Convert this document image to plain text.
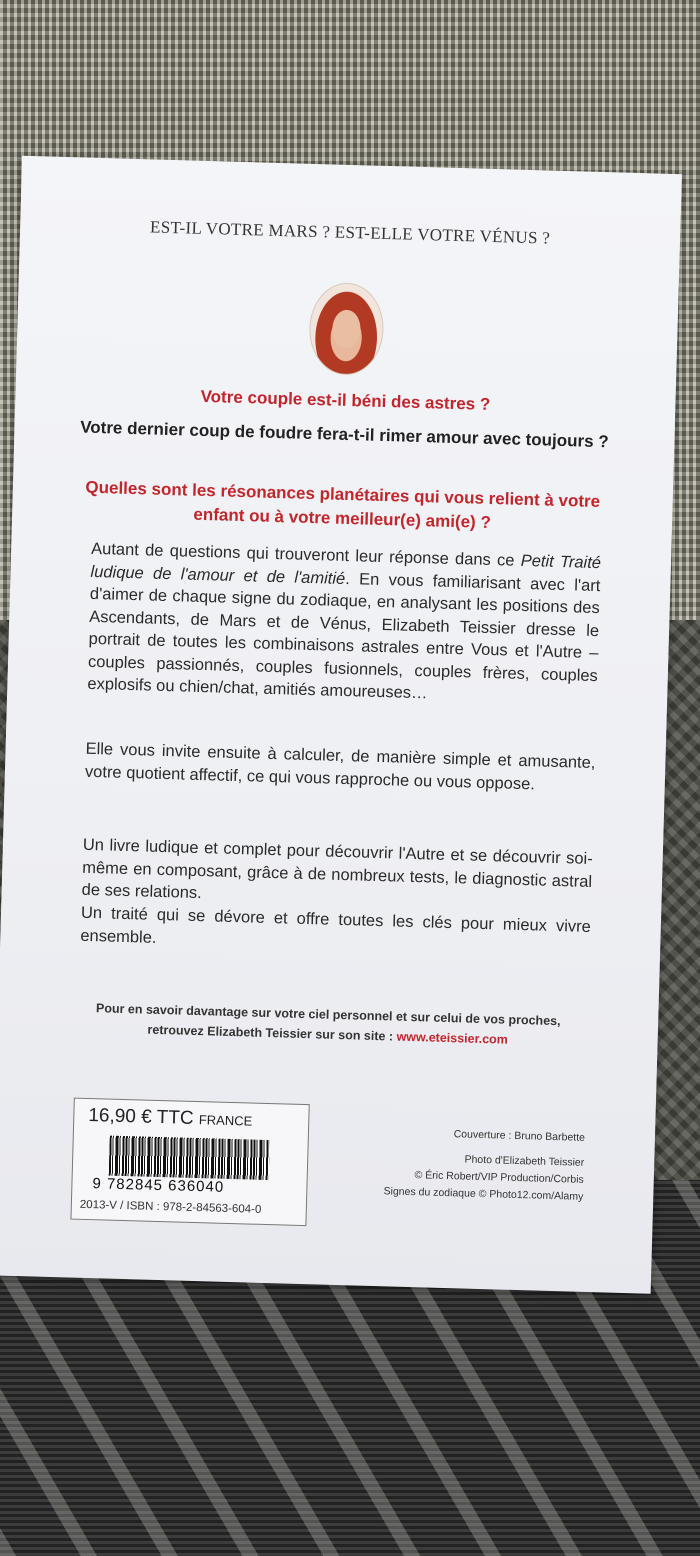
EST-IL VOTRE MARS ? EST-ELLE VOTRE VÉNUS ?
Votre couple est-il béni des astres ?
Votre dernier coup de foudre fera-t-il rimer amour avec toujours ?
Quelles sont les résonances planétaires qui vous relient à votre enfant ou à votre meilleur(e) ami(e) ?
Autant de questions qui trouveront leur réponse dans ce Petit Traité ludique de l'amour et de l'amitié. En vous familiarisant avec l'art d'aimer de chaque signe du zodiaque, en analysant les positions des Ascendants, de Mars et de Vénus, Elizabeth Teissier dresse le portrait de toutes les combinaisons astrales entre Vous et l'Autre – couples passionnés, couples fusionnels, couples frères, couples explosifs ou chien/chat, amitiés amoureuses…
Elle vous invite ensuite à calculer, de manière simple et amusante, votre quotient affectif, ce qui vous rapproche ou vous oppose.
Un livre ludique et complet pour découvrir l'Autre et se découvrir soi-même en composant, grâce à de nombreux tests, le diagnostic astral de ses relations.
Un traité qui se dévore et offre toutes les clés pour mieux vivre ensemble.
Pour en savoir davantage sur votre ciel personnel et sur celui de vos proches,
retrouvez Elizabeth Teissier sur son site : www.eteissier.com
16,90 € TTC FRANCE
9 782845 636040
2013-V / ISBN : 978-2-84563-604-0
Couverture : Bruno Barbette
Photo d'Elizabeth Teissier
© Éric Robert/VIP Production/Corbis
Signes du zodiaque © Photo12.com/Alamy
